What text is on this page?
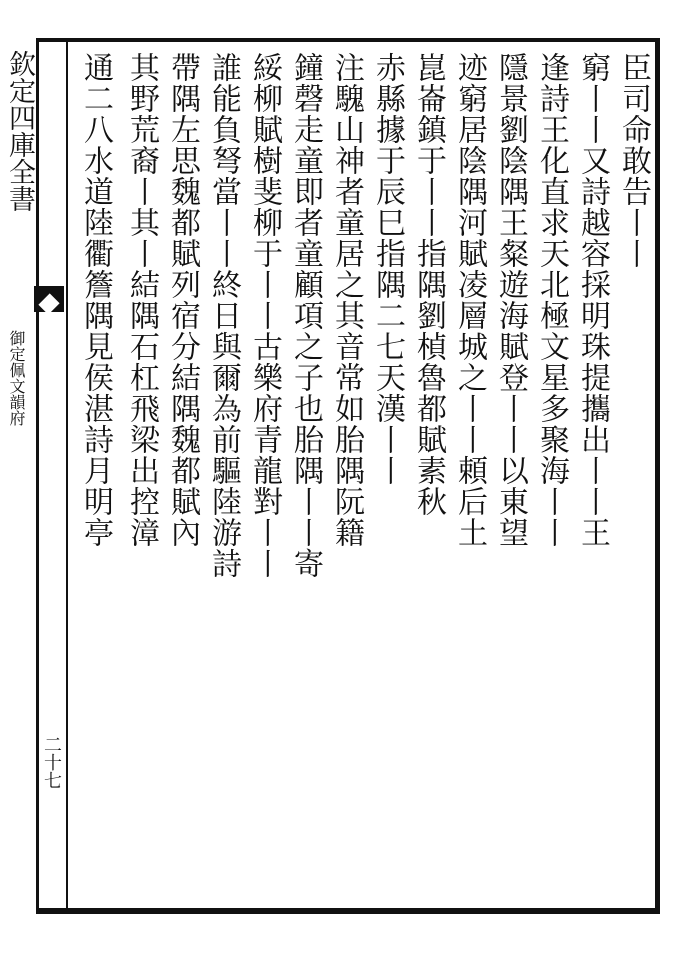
欽定四庫全書
御定佩文韻府
二十七
臣司命敢告丨丨
窮丨丨又詩越容採明珠提攜出丨丨王
逢詩王化直求天北極文星多聚海丨丨
隱景劉陰隅王粲遊海賦登丨丨以東望
迹窮居陰隅河賦凌層城之丨丨頼后土
崑崙鎮于丨丨指隅劉楨魯都賦素秋
赤縣據于辰巳指隅二七天漢丨丨
注騩山神者童居之其音常如胎隅阮籍
鐘磬走童即者童顧項之子也胎隅丨丨寄
綏柳賦樹斐柳于丨丨古樂府青龍對丨丨
誰能負弩當丨丨終日與爾為前驅陸游詩
帶隅左思魏都賦列宿分結隅魏都賦內
其野荒裔丨其丨結隅石杠飛梁出控漳
通二八水道陸衢簷隅見侯湛詩月明亭
